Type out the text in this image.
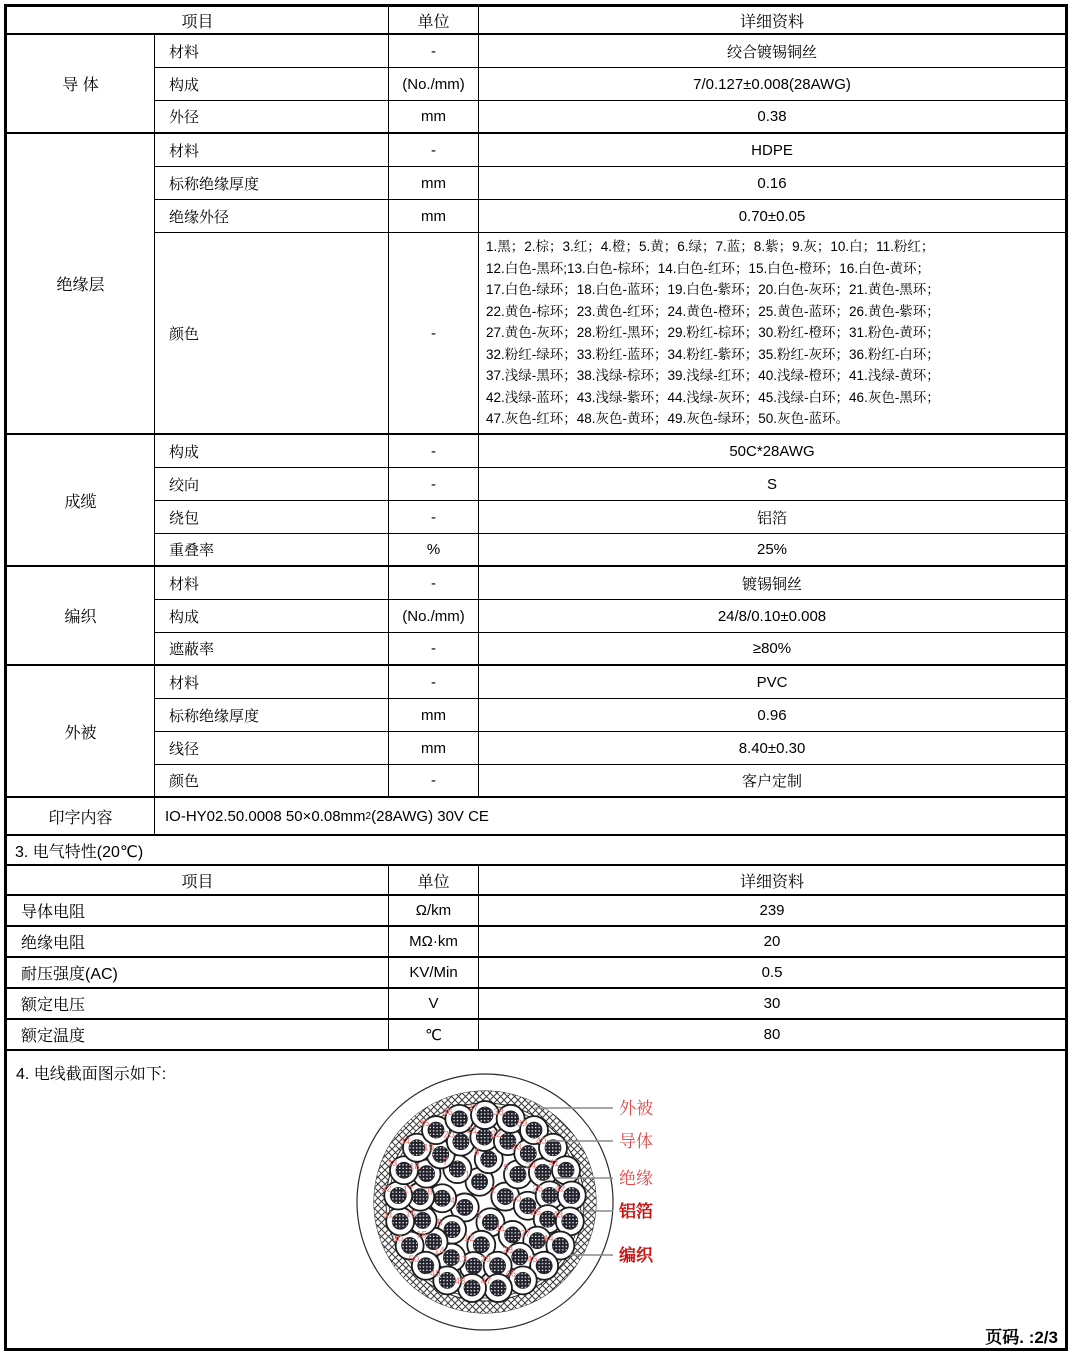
项目	单位	详细资料
导 体
材料	-	绞合镀锡铜丝
构成	(No./mm)	7/0.127±0.008(28AWG)
外径	mm	0.38
绝缘层
材料	-	HDPE
标称绝缘厚度	mm	0.16
绝缘外径	mm	0.70±0.05
颜色	-
1.黑；2.棕；3.红；4.橙；5.黄；6.绿；7.蓝；8.紫；9.灰；10.白；11.粉红；
12.白色-黑环;13.白色-棕环；14.白色-红环；15.白色-橙环；16.白色-黄环；
17.白色-绿环；18.白色-蓝环；19.白色-紫环；20.白色-灰环；21.黄色-黑环；
22.黄色-棕环；23.黄色-红环；24.黄色-橙环；25.黄色-蓝环；26.黄色-紫环；
27.黄色-灰环；28.粉红-黑环；29.粉红-棕环；30.粉红-橙环；31.粉色-黄环；
32.粉红-绿环；33.粉红-蓝环；34.粉红-紫环；35.粉红-灰环；36.粉红-白环；
37.浅绿-黑环；38.浅绿-棕环；39.浅绿-红环；40.浅绿-橙环；41.浅绿-黄环；
42.浅绿-蓝环；43.浅绿-紫环；44.浅绿-灰环；45.浅绿-白环；46.灰色-黑环；
47.灰色-红环；48.灰色-黄环；49.灰色-绿环；50.灰色-蓝环。
成缆
构成	-	50C*28AWG
绞向	-	S
绕包	-	铝箔
重叠率	%	25%
编织
材料	-	镀锡铜丝
构成	(No./mm)	24/8/0.10±0.008
遮蔽率	-	≥80%
外被
材料	-	PVC
标称绝缘厚度	mm	0.96
线径	mm	8.40±0.30
颜色	-	客户定制
印字内容	IO-HY02.50.0008 50×0.08mm 2 (28AWG) 30V CE
3. 电气特性(20℃)
项目	单位	详细资料
导体电阻	Ω/km	239
绝缘电阻	MΩ·km	20
耐压强度(AC)	KV/Min	0.5
额定电压	V	30
额定温度	℃	80
4. 电线截面图示如下:
1
2
3
4
5
6
7
8
9
10
11
12
13
14
15
16
17
18
19
20 21 22
23
24
25
26
27
28
29
30
31
32
33
34
35
36 37 38
39
40
41
42
43
44
45
46
47
48
49
50
外被
导体
绝缘
铝箔
编织
页码. :2/3
